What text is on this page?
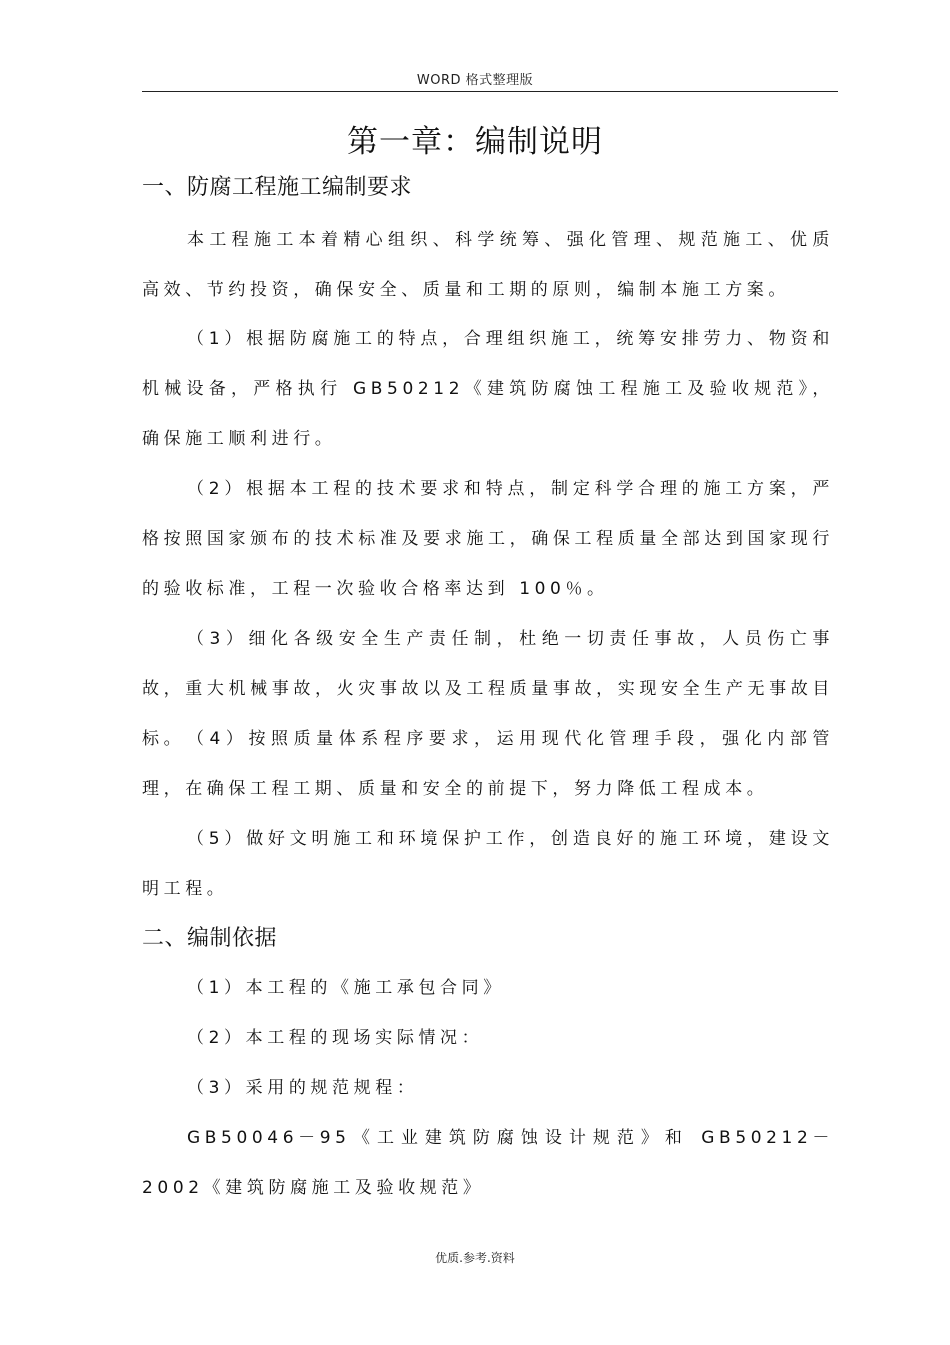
WORD 格式整理版
第一章：编制说明
一、防腐工程施工编制要求

本工程施工本着精心组织、科学统筹、强化管理、规范施工、优质高效、节约投资，确保安全、质量和工期的原则，编制本施工方案。

（1）根据防腐施工的特点，合理组织施工，统筹安排劳力、物资和机械设备，严格执行 GB50212《建筑防腐蚀工程施工及验收规范》，确保施工顺利进行。

（2）根据本工程的技术要求和特点，制定科学合理的施工方案，严格按照国家颁布的技术标准及要求施工，确保工程质量全部达到国家现行的验收标准，工程一次验收合格率达到 100％。

（3）细化各级安全生产责任制，杜绝一切责任事故，人员伤亡事故，重大机械事故，火灾事故以及工程质量事故，实现安全生产无事故目标。 （4）按照质量体系程序要求，运用现代化管理手段，强化内部管理，在确保工程工期、质量和安全的前提下，努力降低工程成本。

（5）做好文明施工和环境保护工作，创造良好的施工环境，建设文明工程。

二、编制依据
（1）本工程的《施工承包合同》
（2）本工程的现场实际情况：
（3）采用的规范规程：

GB50046－95《工业建筑防腐蚀设计规范》和 GB50212－2002《建筑防腐施工及验收规范》

优质.参考.资料
